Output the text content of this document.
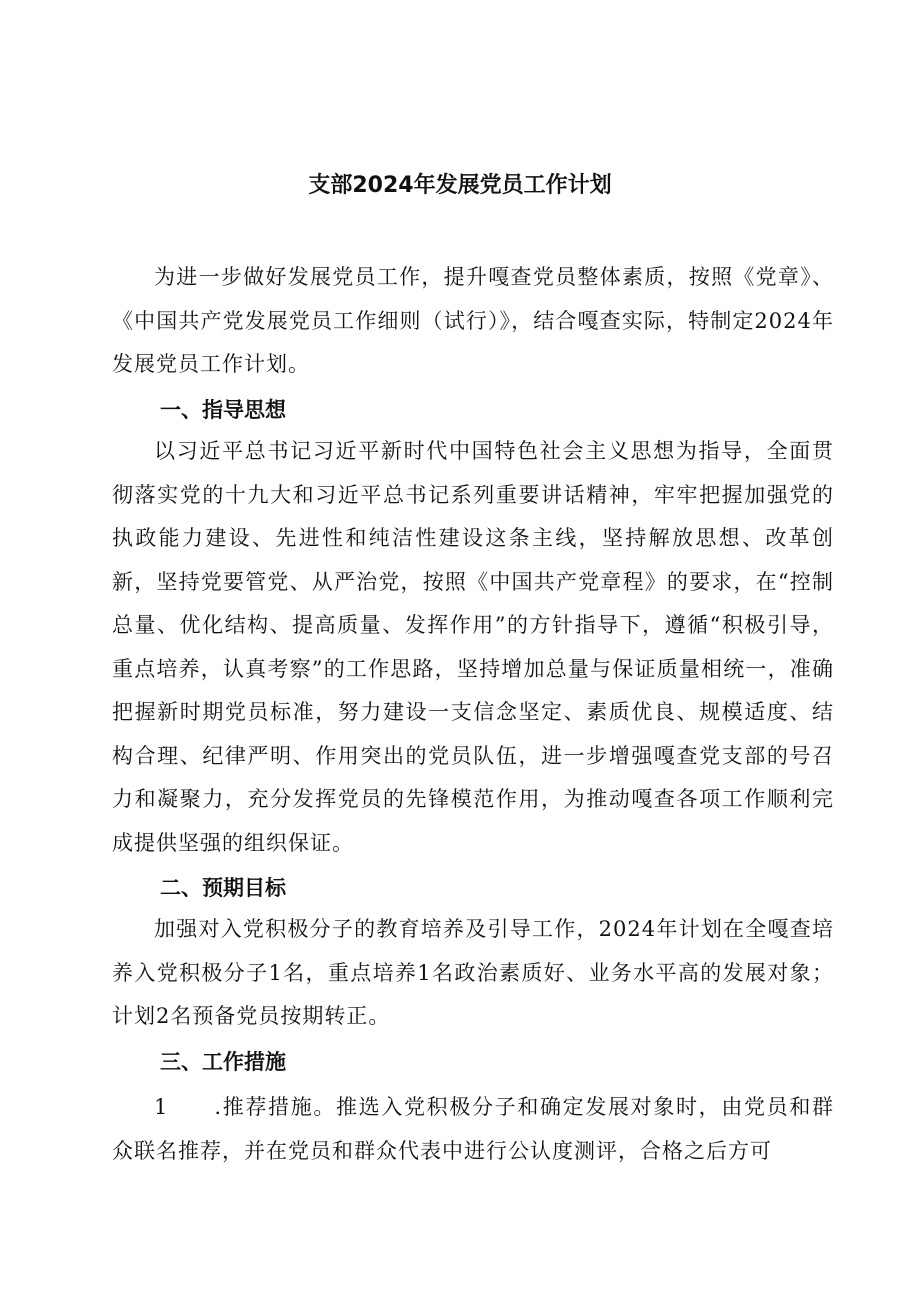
支部2024年发展党员工作计划
为进一步做好发展党员工作，提升嘎查党员整体素质，按照《党章》、《中国共产党发展党员工作细则（试行）》，结合嘎查实际，特制定2024年发展党员工作计划。
一、指导思想
以习近平总书记习近平新时代中国特色社会主义思想为指导，全面贯彻落实党的十九大和习近平总书记系列重要讲话精神，牢牢把握加强党的执政能力建设、先进性和纯洁性建设这条主线，坚持解放思想、改革创新，坚持党要管党、从严治党，按照《中国共产党章程》的要求，在“控制总量、优化结构、提高质量、发挥作用”的方针指导下，遵循“积极引导，重点培养，认真考察”的工作思路，坚持增加总量与保证质量相统一，准确把握新时期党员标准，努力建设一支信念坚定、素质优良、规模适度、结构合理、纪律严明、作用突出的党员队伍，进一步增强嘎查党支部的号召力和凝聚力，充分发挥党员的先锋模范作用，为推动嘎查各项工作顺利完成提供坚强的组织保证。
二、预期目标
加强对入党积极分子的教育培养及引导工作，2024年计划在全嘎查培养入党积极分子1名，重点培养1名政治素质好、业务水平高的发展对象；计划2名预备党员按期转正。
三、工作措施
1　　.推荐措施。推选入党积极分子和确定发展对象时，由党员和群众联名推荐，并在党员和群众代表中进行公认度测评，合格之后方可
